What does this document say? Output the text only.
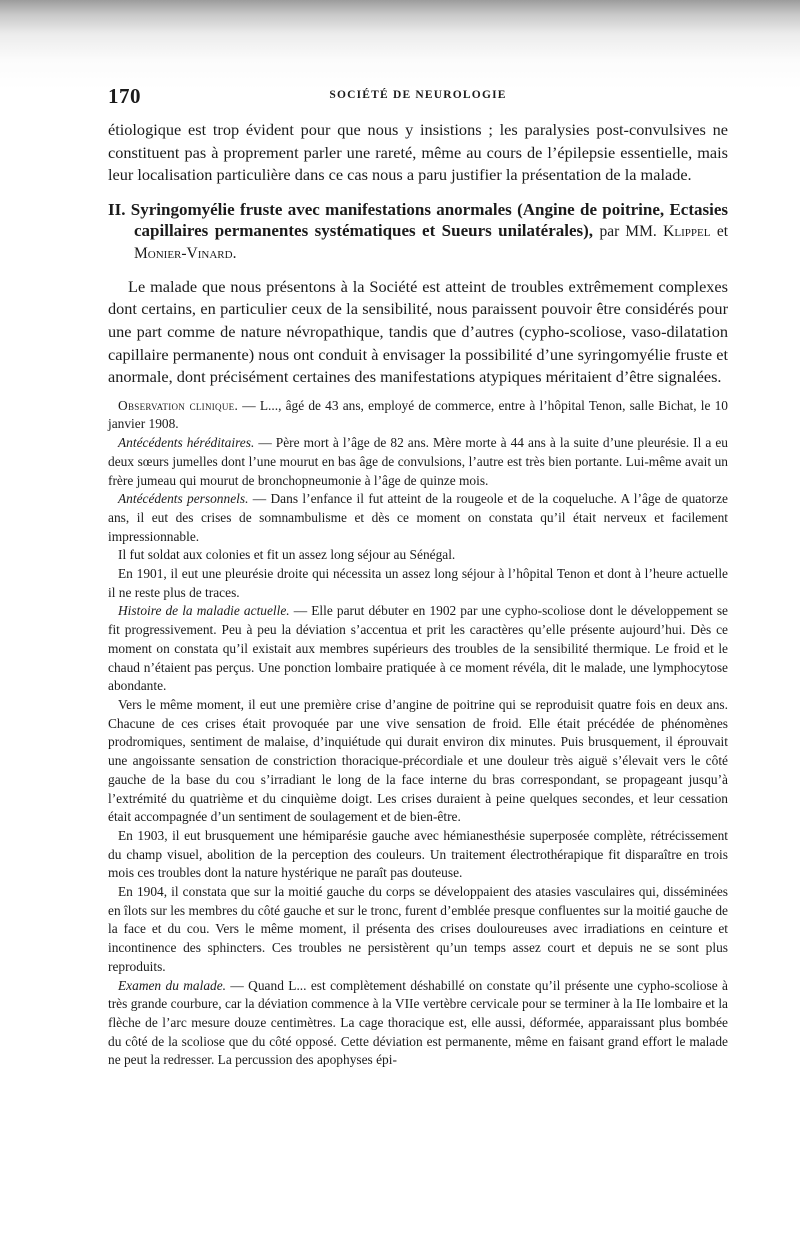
170	SOCIÉTÉ DE NEUROLOGIE

étiologique est trop évident pour que nous y insistions ; les paralysies post-convulsives ne constituent pas à proprement parler une rareté, même au cours de l’épilepsie essentielle, mais leur localisation particulière dans ce cas nous a paru justifier la présentation de la malade.

II. Syringomyélie fruste avec manifestations anormales (Angine de poitrine, Ectasies capillaires permanentes systématiques et Sueurs unilatérales), par MM. Klippel et Monier-Vinard.

Le malade que nous présentons à la Société est atteint de troubles extrêmement complexes dont certains, en particulier ceux de la sensibilité, nous paraissent pouvoir être considérés pour une part comme de nature névropathique, tandis que d’autres (cypho-scoliose, vaso-dilatation capillaire permanente) nous ont conduit à envisager la possibilité d’une syringomyélie fruste et anormale, dont précisément certaines des manifestations atypiques méritaient d’être signalées.

Observation clinique. — L..., âgé de 43 ans, employé de commerce, entre à l’hôpital Tenon, salle Bichat, le 10 janvier 1908.

Antécédents héréditaires. — Père mort à l’âge de 82 ans. Mère morte à 44 ans à la suite d’une pleurésie. Il a eu deux sœurs jumelles dont l’une mourut en bas âge de convulsions, l’autre est très bien portante. Lui-même avait un frère jumeau qui mourut de bronchopneumonie à l’âge de quinze mois.

Antécédents personnels. — Dans l’enfance il fut atteint de la rougeole et de la coqueluche. A l’âge de quatorze ans, il eut des crises de somnambulisme et dès ce moment on constata qu’il était nerveux et facilement impressionnable.

Il fut soldat aux colonies et fit un assez long séjour au Sénégal.

En 1901, il eut une pleurésie droite qui nécessita un assez long séjour à l’hôpital Tenon et dont à l’heure actuelle il ne reste plus de traces.

Histoire de la maladie actuelle. — Elle parut débuter en 1902 par une cypho-scoliose dont le développement se fit progressivement. Peu à peu la déviation s’accentua et prit les caractères qu’elle présente aujourd’hui. Dès ce moment on constata qu’il existait aux membres supérieurs des troubles de la sensibilité thermique. Le froid et le chaud n’étaient pas perçus. Une ponction lombaire pratiquée à ce moment révéla, dit le malade, une lymphocytose abondante.

Vers le même moment, il eut une première crise d’angine de poitrine qui se reproduisit quatre fois en deux ans. Chacune de ces crises était provoquée par une vive sensation de froid. Elle était précédée de phénomènes prodromiques, sentiment de malaise, d’inquiétude qui durait environ dix minutes. Puis brusquement, il éprouvait une angoissante sensation de constriction thoracique-précordiale et une douleur très aiguë s’élevait vers le côté gauche de la base du cou s’irradiant le long de la face interne du bras correspondant, se propageant jusqu’à l’extrémité du quatrième et du cinquième doigt. Les crises duraient à peine quelques secondes, et leur cessation était accompagnée d’un sentiment de soulagement et de bien-être.

En 1903, il eut brusquement une hémiparésie gauche avec hémianesthésie superposée complète, rétrécissement du champ visuel, abolition de la perception des couleurs. Un traitement électrothérapique fit disparaître en trois mois ces troubles dont la nature hystérique ne paraît pas douteuse.

En 1904, il constata que sur la moitié gauche du corps se développaient des atasies vasculaires qui, disséminées en îlots sur les membres du côté gauche et sur le tronc, furent d’emblée presque confluentes sur la moitié gauche de la face et du cou. Vers le même moment, il présenta des crises douloureuses avec irradiations en ceinture et incontinence des sphincters. Ces troubles ne persistèrent qu’un temps assez court et depuis ne se sont plus reproduits.

Examen du malade. — Quand L... est complètement déshabillé on constate qu’il présente une cypho-scoliose à très grande courbure, car la déviation commence à la VIIe vertèbre cervicale pour se terminer à la IIe lombaire et la flèche de l’arc mesure douze centimètres. La cage thoracique est, elle aussi, déformée, apparaissant plus bombée du côté de la scoliose que du côté opposé. Cette déviation est permanente, même en faisant grand effort le malade ne peut la redresser. La percussion des apophyses épi-
